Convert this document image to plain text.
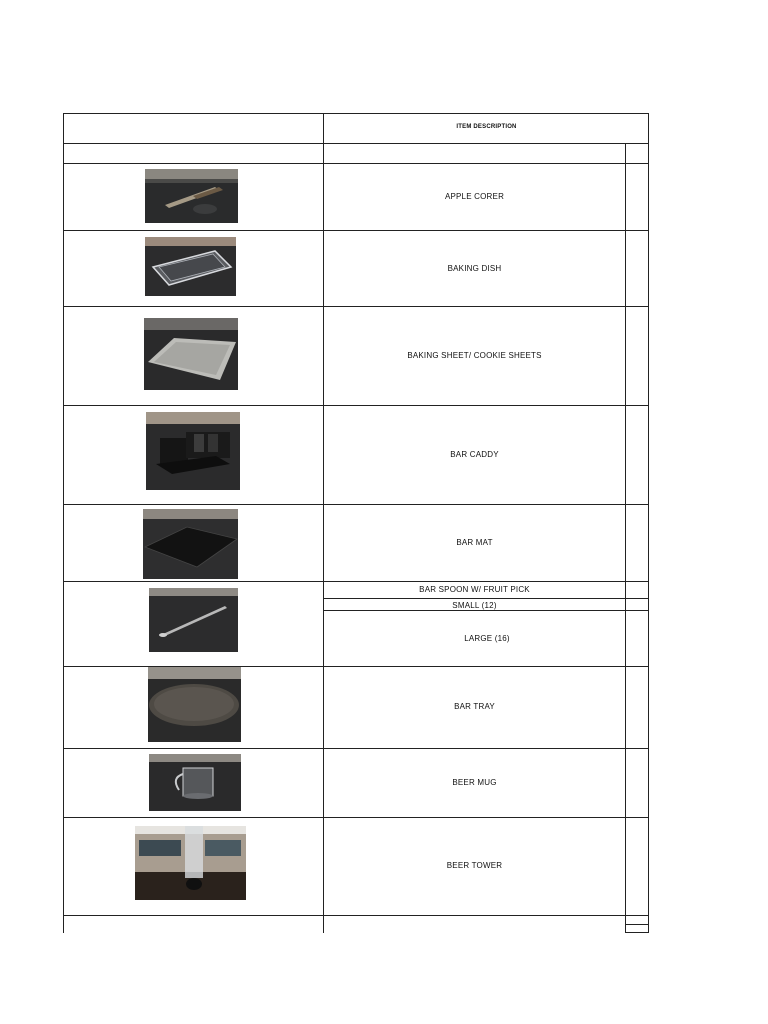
ITEM DESCRIPTION
APPLE CORER
BAKING DISH
BAKING SHEET/ COOKIE SHEETS
BAR CADDY
BAR MAT
BAR SPOON W/ FRUIT PICK
SMALL (12)
LARGE (16)
BAR TRAY
BEER MUG
BEER TOWER
